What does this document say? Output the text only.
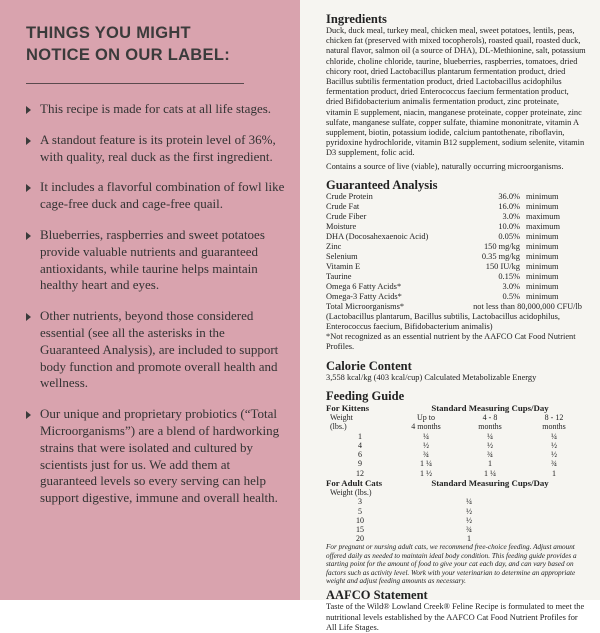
THINGS YOU MIGHT
NOTICE ON OUR LABEL:
This recipe is made for cats at all life stages.
A standout feature is its protein level of 36%, with quality, real duck as the first ingredient.
It includes a flavorful combination of fowl like cage-free duck and cage-free quail.
Blueberries, raspberries and sweet potatoes provide valuable nutrients and guaranteed antioxidants, while taurine helps maintain healthy heart and eyes.
Other nutrients, beyond those considered essential (see all the asterisks in the Guaranteed Analysis), are included to support body function and promote overall health and wellness.
Our unique and proprietary probiotics (“Total Microorganisms”) are a blend of hardworking strains that were isolated and cultured by scientists just for us. We add them at guaranteed levels so every serving can help support digestive, immune and overall health.
Ingredients

Duck, duck meal, turkey meal, chicken meal, sweet potatoes, lentils, peas, chicken fat (preserved with mixed tocopherols), roasted quail, roasted duck, natural flavor, salmon oil (a source of DHA), DL-Methionine, salt, potassium chloride, choline chloride, taurine, blueberries, raspberries, tomatoes, dried chicory root, dried Lactobacillus plantarum fermentation product, dried Bacillus subtilis fermentation product, dried Lactobacillus acidophilus fermentation product, dried Enterococcus faecium fermentation product, dried Bifidobacterium animalis fermentation product, zinc proteinate, vitamin E supplement, niacin, manganese proteinate, copper proteinate, zinc sulfate, manganese sulfate, copper sulfate, thiamine mononitrate, vitamin A supplement, biotin, potassium iodide, calcium pantothenate, riboflavin, pyridoxine hydrochloride, vitamin B12 supplement, sodium selenite, vitamin D3 supplement, folic acid.

Contains a source of live (viable), naturally occurring microorganisms.

Guaranteed Analysis
Crude Protein	36.0% minimum
Crude Fat	16.0% minimum
Crude Fiber	3.0% maximum
Moisture	10.0% maximum
DHA (Docosahexaenoic Acid)	0.05% minimum
Zinc	150 mg/kg minimum
Selenium	0.35 mg/kg minimum
Vitamin E	150 IU/kg minimum
Taurine	0.15% minimum
Omega 6 Fatty Acids*	3.0% minimum
Omega-3 Fatty Acids*	0.5% minimum
Total Microorganisms*	not less than 80,000,000 CFU/lb

(Lactobacillus plantarum, Bacillus subtilis, Lactobacillus acidophilus, Enterococcus faecium, Bifidobacterium animalis)

*Not recognized as an essential nutrient by the AAFCO Cat Food Nutrient Profiles.

Calorie Content

3,558 kcal/kg (403 kcal/cup) Calculated Metabolizable Energy

Feeding Guide
For Kittens	Standard Measuring Cups/Day
Weight	Up to	4 - 8	8 - 12
(lbs.)	4 months	months	months
1	¼	¼	¼
4	½	½	½
6	¾	¾	½
9	1 ¼	1	¾
12	1 ½	1 ¼	1
For Adult Cats	Standard Measuring Cups/Day
Weight (lbs.)
3	¼
5	½
10	½
15	¾
20	1

For pregnant or nursing adult cats, we recommend free-choice feeding. Adjust amount offered daily as needed to maintain ideal body condition. This feeding guide provides a starting point for the amount of food to give your cat each day, and can vary based on factors such as activity level. Work with your veterinarian to determine an appropriate weight and adjust feeding amounts as necessary.

AAFCO Statement

Taste of the Wild® Lowland Creek® Feline Recipe is formulated to meet the nutritional levels established by the AAFCO Cat Food Nutrient Profiles for All Life Stages.
